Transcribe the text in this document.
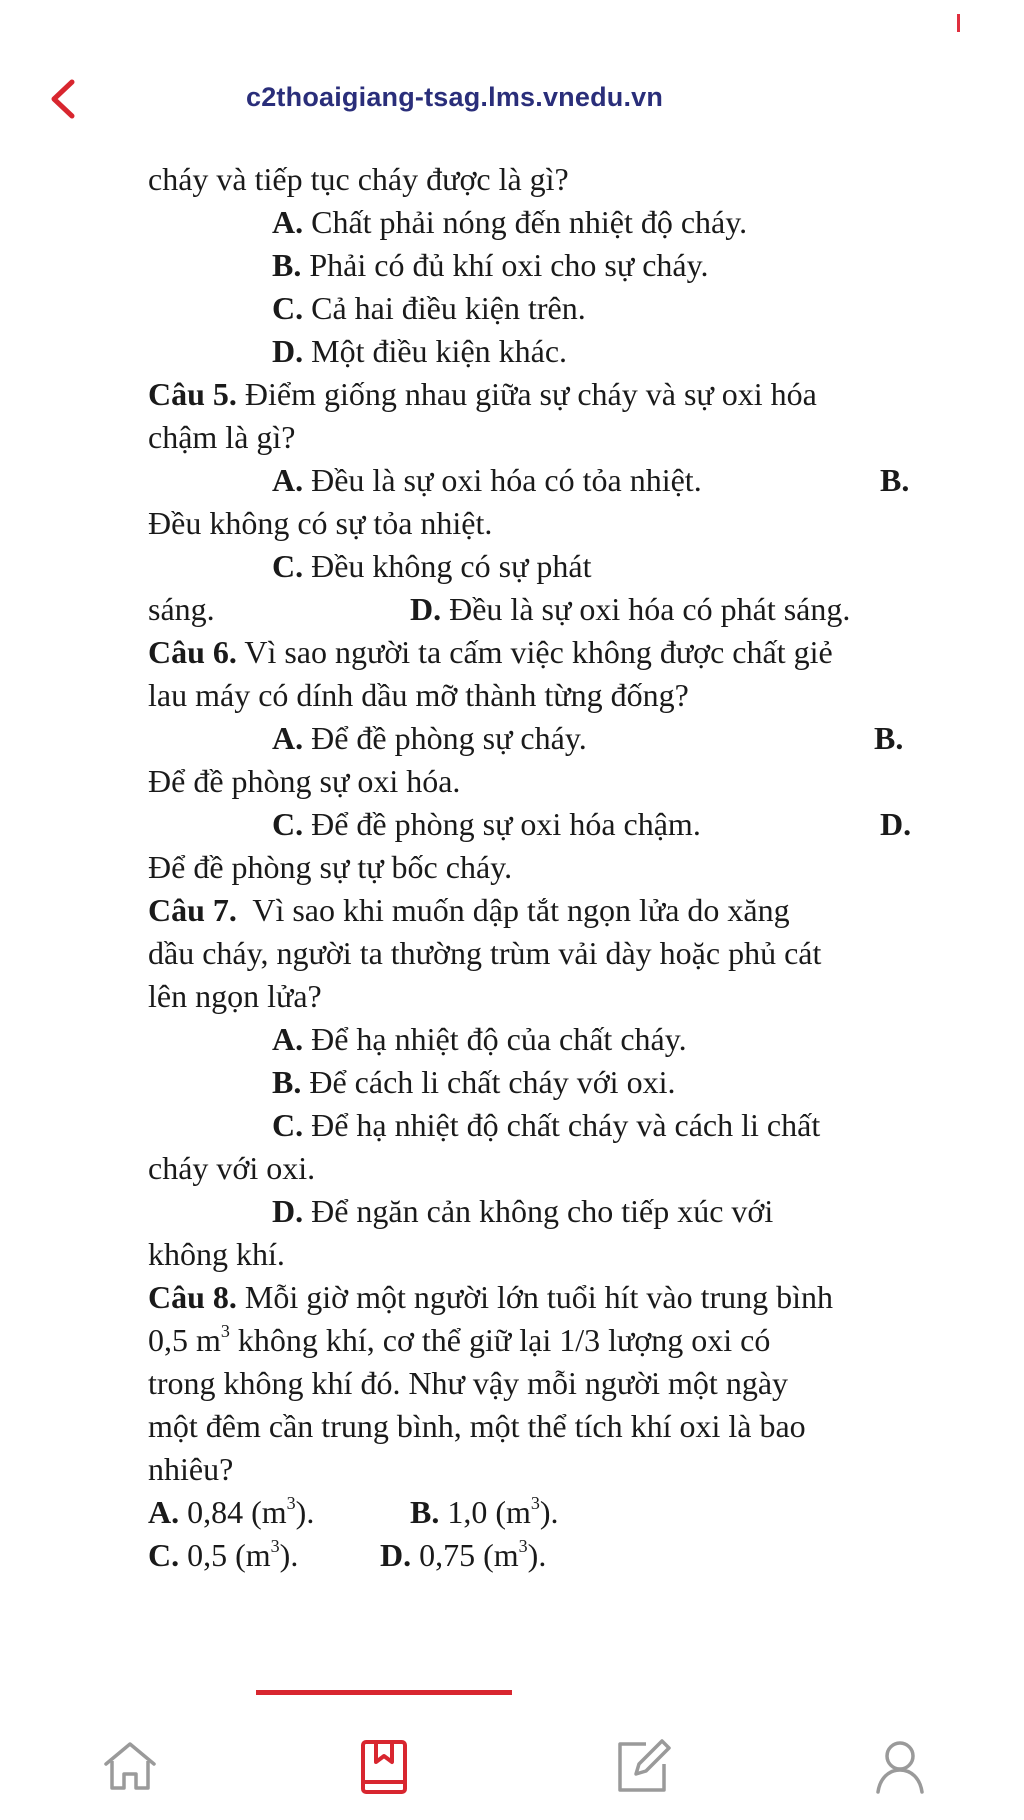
c2thoaigiang-tsag.lms.vnedu.vn
cháy và tiếp tục cháy được là gì?
A. Chất phải nóng đến nhiệt độ cháy.
B. Phải có đủ khí oxi cho sự cháy.
C. Cả hai điều kiện trên.
D. Một điều kiện khác.
Câu 5. Điểm giống nhau giữa sự cháy và sự oxi hóa
chậm là gì?
A. Đều là sự oxi hóa có tỏa nhiệt.	B.
Đều không có sự tỏa nhiệt.
C. Đều không có sự phát
sáng.	D. Đều là sự oxi hóa có phát sáng.
Câu 6. Vì sao người ta cấm việc không được chất giẻ
lau máy có dính dầu mỡ thành từng đống?
A. Để đề phòng sự cháy.	B.
Để đề phòng sự oxi hóa.
C. Để đề phòng sự oxi hóa chậm.	D.
Để đề phòng sự tự bốc cháy.
Câu 7.  Vì sao khi muốn dập tắt ngọn lửa do xăng
dầu cháy, người ta thường trùm vải dày hoặc phủ cát
lên ngọn lửa?
A. Để hạ nhiệt độ của chất cháy.
B. Để cách li chất cháy với oxi.
C. Để hạ nhiệt độ chất cháy và cách li chất
cháy với oxi.
D. Để ngăn cản không cho tiếp xúc với
không khí.
Câu 8. Mỗi giờ một người lớn tuổi hít vào trung bình
0,5 $m^3$ không khí, cơ thể giữ lại 1/3 lượng oxi có
trong không khí đó. Như vậy mỗi người một ngày
một đêm cần trung bình, một thể tích khí oxi là bao
nhiêu?
A. 0,84 $(m^3)$.	B. 1,0 $(m^3)$.
C. 0,5 $(m^3)$.	D. 0,75 $(m^3)$.
